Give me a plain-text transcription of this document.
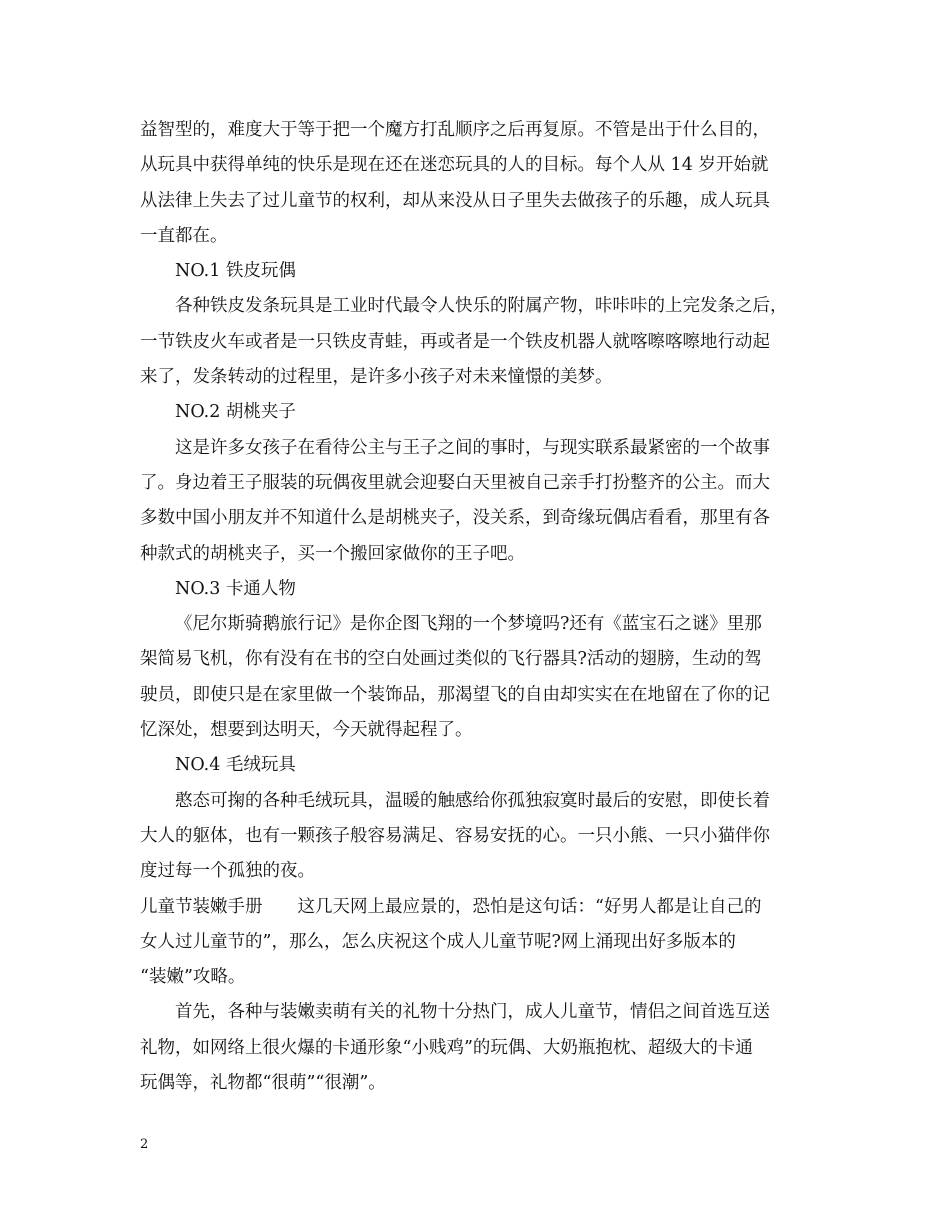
益智型的，难度大于等于把一个魔方打乱顺序之后再复原。不管是出于什么目的，
从玩具中获得单纯的快乐是现在还在迷恋玩具的人的目标。每个人从 14 岁开始就
从法律上失去了过儿童节的权利，却从来没从日子里失去做孩子的乐趣，成人玩具
一直都在。
NO.1 铁皮玩偶
各种铁皮发条玩具是工业时代最令人快乐的附属产物，咔咔咔的上完发条之后，
一节铁皮火车或者是一只铁皮青蛙，再或者是一个铁皮机器人就喀嚓喀嚓地行动起
来了，发条转动的过程里，是许多小孩子对未来憧憬的美梦。
NO.2 胡桃夹子
这是许多女孩子在看待公主与王子之间的事时，与现实联系最紧密的一个故事
了。身边着王子服装的玩偶夜里就会迎娶白天里被自己亲手打扮整齐的公主。而大
多数中国小朋友并不知道什么是胡桃夹子，没关系，到奇缘玩偶店看看，那里有各
种款式的胡桃夹子，买一个搬回家做你的王子吧。
NO.3 卡通人物
《尼尔斯骑鹅旅行记》是你企图飞翔的一个梦境吗?还有《蓝宝石之谜》里那
架简易飞机，你有没有在书的空白处画过类似的飞行器具?活动的翅膀，生动的驾
驶员，即使只是在家里做一个装饰品，那渴望飞的自由却实实在在地留在了你的记
忆深处，想要到达明天，今天就得起程了。
NO.4 毛绒玩具
憨态可掬的各种毛绒玩具，温暖的触感给你孤独寂寞时最后的安慰，即使长着
大人的躯体，也有一颗孩子般容易满足、容易安抚的心。一只小熊、一只小猫伴你
度过每一个孤独的夜。
儿童节装嫩手册　　这几天网上最应景的，恐怕是这句话：“好男人都是让自己的
女人过儿童节的”，那么，怎么庆祝这个成人儿童节呢?网上涌现出好多版本的
“装嫩”攻略。
首先，各种与装嫩卖萌有关的礼物十分热门，成人儿童节，情侣之间首选互送
礼物，如网络上很火爆的卡通形象“小贱鸡”的玩偶、大奶瓶抱枕、超级大的卡通
玩偶等，礼物都“很萌”“很潮”。
2
